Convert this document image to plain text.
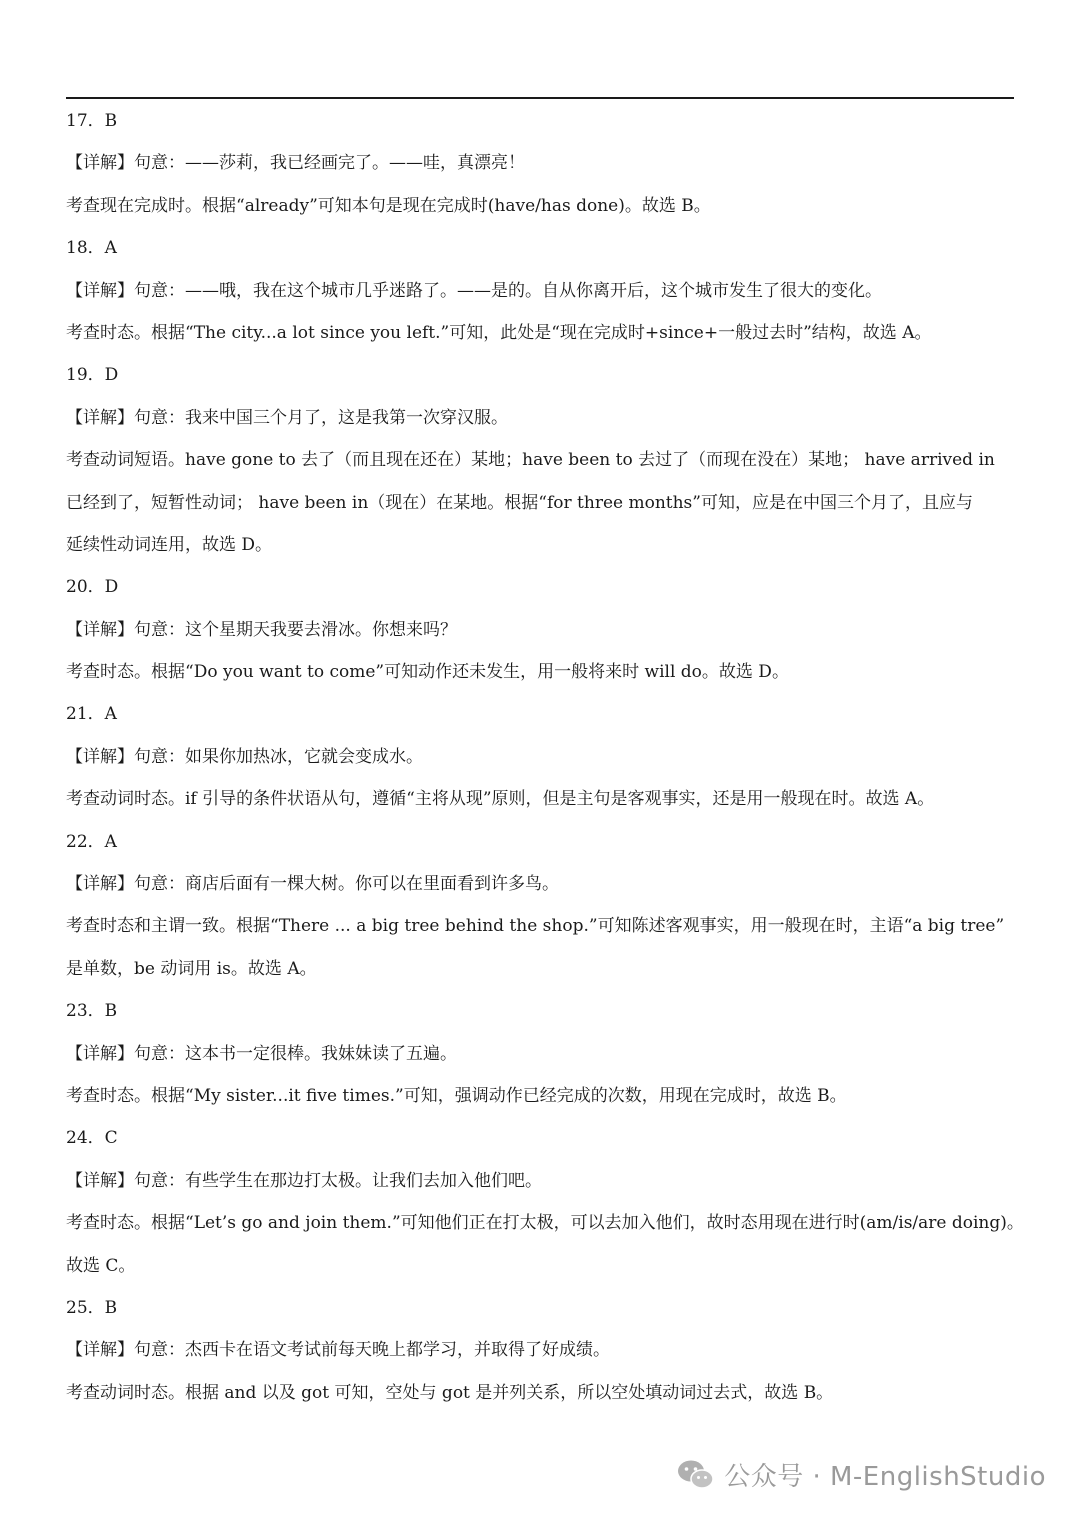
17．B
【详解】句意：——莎莉，我已经画完了。——哇，真漂亮！
考查现在完成时。根据“already”可知本句是现在完成时(have/has done)。故选 B。
18．A
【详解】句意：——哦，我在这个城市几乎迷路了。——是的。自从你离开后，这个城市发生了很大的变化。
考查时态。根据“The city...a lot since you left.”可知，此处是“现在完成时+since+一般过去时”结构，故选 A。
19．D
【详解】句意：我来中国三个月了，这是我第一次穿汉服。
考查动词短语。have gone to 去了（而且现在还在）某地；have been to 去过了（而现在没在）某地； have arrived in
已经到了，短暂性动词； have been in（现在）在某地。根据“for three months”可知，应是在中国三个月了，且应与
延续性动词连用，故选 D。
20．D
【详解】句意：这个星期天我要去滑冰。你想来吗？
考查时态。根据“Do you want to come”可知动作还未发生，用一般将来时 will do。故选 D。
21．A
【详解】句意：如果你加热冰，它就会变成水。
考查动词时态。if 引导的条件状语从句，遵循“主将从现”原则，但是主句是客观事实，还是用一般现在时。故选 A。
22．A
【详解】句意：商店后面有一棵大树。你可以在里面看到许多鸟。
考查时态和主谓一致。根据“There ... a big tree behind the shop.”可知陈述客观事实，用一般现在时，主语“a big tree”
是单数，be 动词用 is。故选 A。
23．B
【详解】句意：这本书一定很棒。我妹妹读了五遍。
考查时态。根据“My sister...it five times.”可知，强调动作已经完成的次数，用现在完成时，故选 B。
24．C
【详解】句意：有些学生在那边打太极。让我们去加入他们吧。
考查时态。根据“Let’s go and join them.”可知他们正在打太极，可以去加入他们，故时态用现在进行时(am/is/are doing)。
故选 C。
25．B
【详解】句意：杰西卡在语文考试前每天晚上都学习，并取得了好成绩。
考查动词时态。根据 and 以及 got 可知，空处与 got 是并列关系，所以空处填动词过去式，故选 B。
公众号 · M-EnglishStudio
